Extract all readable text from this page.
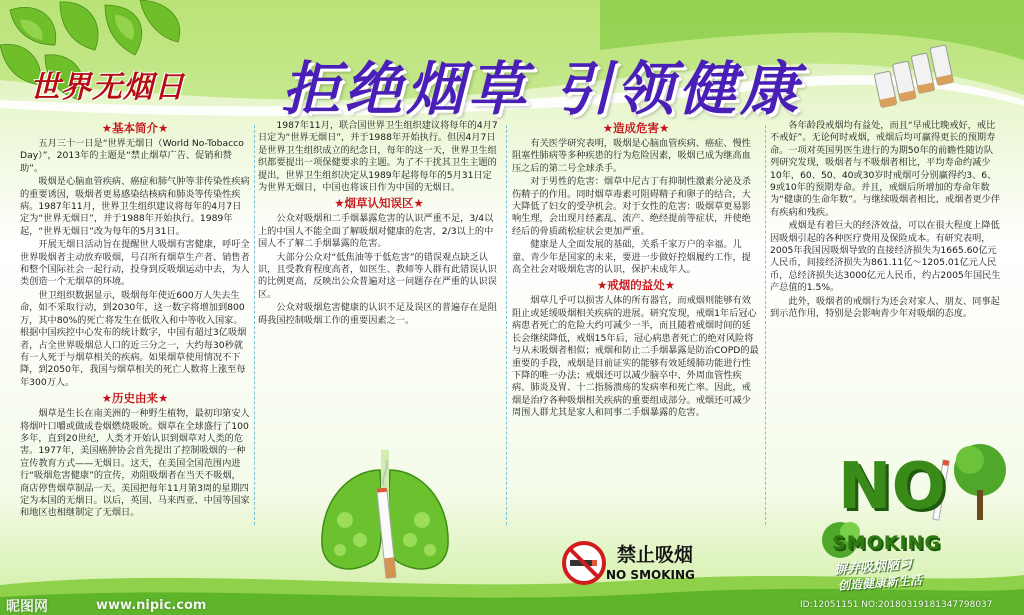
世界无烟日 拒绝烟草 引领健康
★基本简介★

五月三十一日是“世界无烟日（World No-Tobacco Day）”，2013年的主题是“禁止烟草广告、促销和赞助”。

吸烟是心脑血管疾病、癌症和肺气肿等非传染性疾病的重要诱因，吸烟者更易感染结核病和肺炎等传染性疾病。1987年11月，世界卫生组织建议将每年的4月7日定为“世界无烟日”，并于1988年开始执行。1989年起，“世界无烟日”改为每年的5月31日。

开展无烟日活动旨在提醒世人吸烟有害健康，呼吁全世界吸烟者主动放弃吸烟，号召所有烟草生产者、销售者和整个国际社会一起行动，投身到反吸烟运动中去，为人类创造一个无烟草的环境。

世卫组织数据显示，吸烟每年使近600万人失去生命，如不采取行动，到2030年，这一数字将增加到800万，其中80%的死亡将发生在低收入和中等收入国家。根据中国疾控中心发布的统计数字，中国有超过3亿吸烟者，占全世界吸烟总人口的近三分之一，大约每30秒就有一人死于与烟草相关的疾病。如果烟草使用情况不下降，到2050年，我国与烟草相关的死亡人数将上涨至每年300万人。

★历史由来★

烟草是生长在南美洲的一种野生植物，最初印第安人将烟叶口嚼或做成卷烟燃烧吸吮。烟草在全球盛行了100多年，直到20世纪，人类才开始认识到烟草对人类的危害。1977年，美国癌肿协会首先提出了控制吸烟的一种宣传教育方式——无烟日。这天，在美国全国范围内进行“吸烟危害健康”的宣传，劝阻吸烟者在当天不吸烟，商店停售烟草制品一天。美国把每年11月第3周的星期四定为本国的无烟日。以后，英国、马来西亚、中国等国家和地区也相继制定了无烟日。

1987年11月，联合国世界卫生组织建议将每年的4月7日定为“世界无烟日”，并于1988年开始执行。但因4月7日是世界卫生组织成立的纪念日，每年的这一天，世界卫生组织都要提出一项保健要求的主题。为了不干扰其卫生主题的提出，世界卫生组织决定从1989年起将每年的5月31日定为世界无烟日，中国也将该日作为中国的无烟日。

★烟草认知误区★

公众对吸烟和二手烟暴露危害的认识严重不足，3/4以上的中国人不能全面了解吸烟对健康的危害，2/3以上的中国人不了解二手烟暴露的危害。

大部分公众对“低焦油等于低危害”的错误观点缺乏认识，且受教育程度高者，如医生、教师等人群有此错误认识的比例更高，反映出公众普遍对这一问题存在严重的认识误区。

公众对吸烟危害健康的认识不足及误区的普遍存在是阻碍我国控制吸烟工作的重要因素之一。

★造成危害★

有关医学研究表明，吸烟是心脑血管疾病、癌症、慢性阻塞性肺病等多种疾患的行为危险因素，吸烟已成为继高血压之后的第二号全球杀手。

对于男性的危害：烟草中尼古丁有抑制性激素分泌及杀伤精子的作用。同时烟草毒素可阻碍精子和卵子的结合，大大降低了妇女的受孕机会。对于女性的危害：吸烟草更易影响生理，会出现月经紊乱、流产、绝经提前等症状，并使绝经后的骨质疏松症状会更加严重。

健康是人全面发展的基础，关系千家万户的幸福。儿童、青少年是国家的未来，要进一步做好控烟履约工作，提高全社会对吸烟危害的认识，保护未成年人。

★戒烟的益处★

烟草几乎可以损害人体的所有器官，而戒烟则能够有效阻止或延缓吸烟相关疾病的进展。研究发现，戒烟1年后冠心病患者死亡的危险大约可减少一半，而且随着戒烟时间的延长会继续降低，戒烟15年后，冠心病患者死亡的绝对风险将与从未吸烟者相似；戒烟和防止二手烟暴露是防治COPD的最重要的手段，戒烟是目前证实的能够有效延缓肺功能进行性下降的唯一办法；戒烟还可以减少脑卒中、外周血管性疾病、肺炎及胃、十二指肠溃疡的发病率和死亡率。因此，戒烟是治疗各种吸烟相关疾病的重要组成部分。戒烟还可减少周围人群尤其是家人和同事二手烟暴露的危害。

各年龄段戒烟均有益处，而且“早戒比晚戒好，戒比不戒好”。无论何时戒烟，戒烟后均可赢得更长的预期寿命。一项对英国男医生进行的为期50年的前瞻性随访队列研究发现，吸烟者与不吸烟者相比，平均寿命约减少10年，60、50、40或30岁时戒烟可分别赢得约3、6、9或10年的预期寿命。并且，戒烟后所增加的寿命年数为“健康的生命年数”。与继续吸烟者相比，戒烟者更少伴有疾病和残疾。

戒烟是有着巨大的经济效益，可以在很大程度上降低因吸烟引起的各种医疗费用及保险成本。有研究表明，2005年我国因吸烟导致的直接经济损失为1665.60亿元人民币，间接经济损失为861.11亿～1205.01亿元人民币，总经济损失达3000亿元人民币，约占2005年国民生产总值的1.5%。

此外，吸烟者的戒烟行为还会对家人、朋友、同事起到示范作用，特别是会影响青少年对吸烟的态度。

禁止吸烟
NO SMOKING
NO
SMOKING
摒弃吸烟陋习
创造健康新生活
昵图网	www.nipic.com	ID:12051151 NO:20180319181347798037
